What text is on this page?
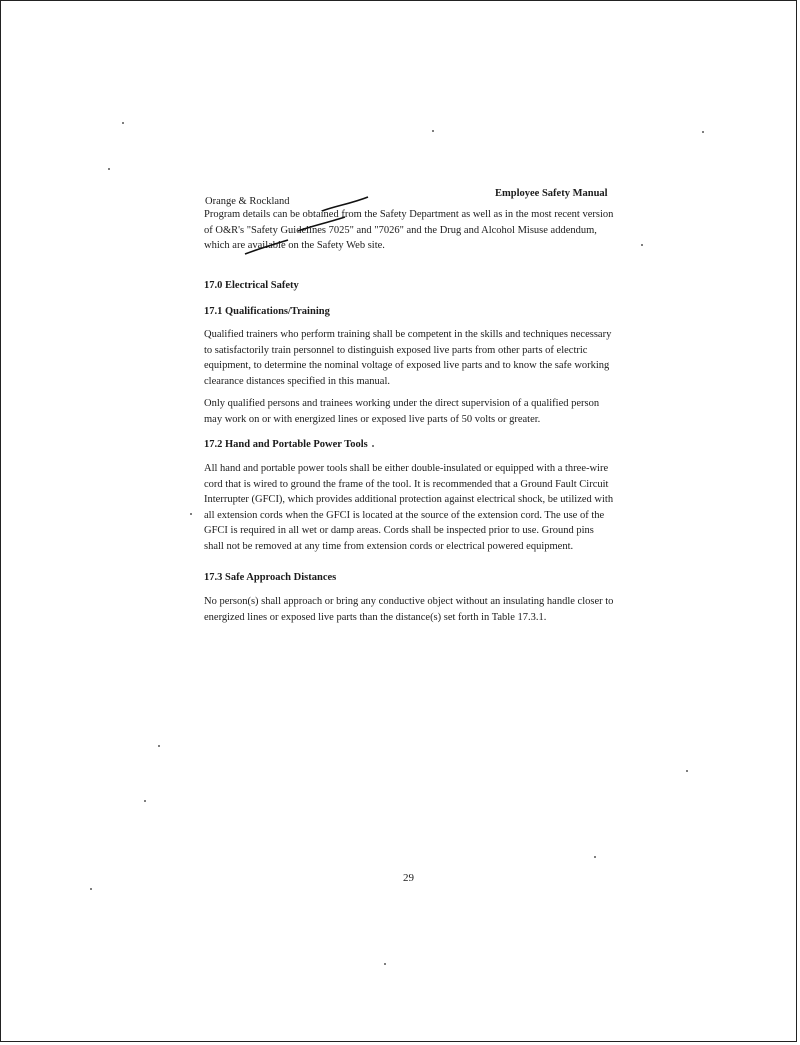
Orange & Rockland
Employee Safety Manual
Program details can be obtained from the Safety Department as well as in the most recent version of O&R's "Safety Guidelines 7025" and "7026" and the Drug and Alcohol Misuse addendum, which are available on the Safety Web site.
17.0 Electrical Safety
17.1 Qualifications/Training
Qualified trainers who perform training shall be competent in the skills and techniques necessary to satisfactorily train personnel to distinguish exposed live parts from other parts of electric equipment, to determine the nominal voltage of exposed live parts and to know the safe working clearance distances specified in this manual.
Only qualified persons and trainees working under the direct supervision of a qualified person may work on or with energized lines or exposed live parts of 50 volts or greater.
17.2 Hand and Portable Power Tools
All hand and portable power tools shall be either double-insulated or equipped with a three-wire cord that is wired to ground the frame of the tool. It is recommended that a Ground Fault Circuit Interrupter (GFCI), which provides additional protection against electrical shock, be utilized with all extension cords when the GFCI is located at the source of the extension cord. The use of the GFCI is required in all wet or damp areas. Cords shall be inspected prior to use. Ground pins shall not be removed at any time from extension cords or electrical powered equipment.
17.3 Safe Approach Distances
No person(s) shall approach or bring any conductive object without an insulating handle closer to energized lines or exposed live parts than the distance(s) set forth in Table 17.3.1.
29
